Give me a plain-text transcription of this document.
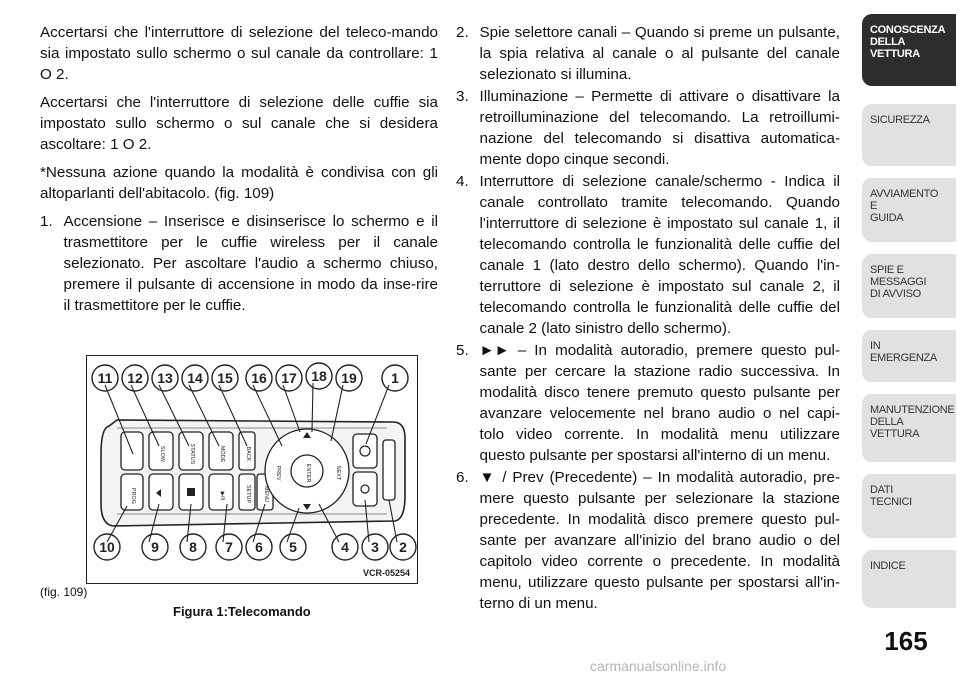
Accertarsi che l'interruttore di selezione del teleco-mando sia impostato sullo schermo o sul canale da controllare: 1 O 2.

Accertarsi che l'interruttore di selezione delle cuffie sia impostato sullo schermo o sul canale che si desidera ascoltare: 1 O 2.

*Nessuna azione quando la modalità è condivisa con gli altoparlanti dell'abitacolo. (fig. 109)

1. Accensione – Inserisce e disinserisce lo schermo e il trasmettitore per le cuffie wireless per il canale selezionato. Per ascoltare l'audio a schermo chiuso, premere il pulsante di accensione in modo da inse-rire il trasmettitore per le cuffie.
SLOW	STATUS	MODE	BACK
SETUP MENU
PROG
ENTER	NEXT
PREV
▶/II
11 12 13 14 15 16 17 18 19 1
10	9 8 7 6 5	4 3 2
VCR-05254
(fig. 109)
Figura 1:Telecomando
2. Spie selettore canali – Quando si preme un pulsante, la spia relativa al canale o al pulsante del canale selezionato si illumina.
3. Illuminazione – Permette di attivare o disattivare la retroilluminazione del telecomando. La retroillumi-nazione del telecomando si disattiva automatica-mente dopo cinque secondi.
4. Interruttore di selezione canale/schermo - Indica il canale controllato tramite telecomando. Quando l'interruttore di selezione è impostato sul canale 1, il telecomando controlla le funzionalità delle cuffie del canale 1 (lato destro dello schermo). Quando l'in-terruttore di selezione è impostato sul canale 2, il telecomando controlla le funzionalità delle cuffie del canale 2 (lato sinistro dello schermo).
5. ►► – In modalità autoradio, premere questo pul-sante per cercare la stazione radio successiva. In modalità disco tenere premuto questo pulsante per avanzare velocemente nel brano audio o nel capi-tolo video corrente. In modalità menu utilizzare questo pulsante per spostarsi all'interno di un menu.
6. ▼ / Prev (Precedente) – In modalità autoradio, pre-mere questo pulsante per selezionare la stazione precedente. In modalità disco premere questo pul-sante per avanzare all'inizio del brano audio o del capitolo video corrente o precedente. In modalità menu, utilizzare questo pulsante per spostarsi all'in-terno di un menu.
CONOSCENZA
DELLA
VETTURA
SICUREZZA
AVVIAMENTO
E
GUIDA
SPIE E
MESSAGGI
DI AVVISO
IN
EMERGENZA
MANUTENZIONE
DELLA
VETTURA
DATI
TECNICI
INDICE
165
carmanualsonline.info
